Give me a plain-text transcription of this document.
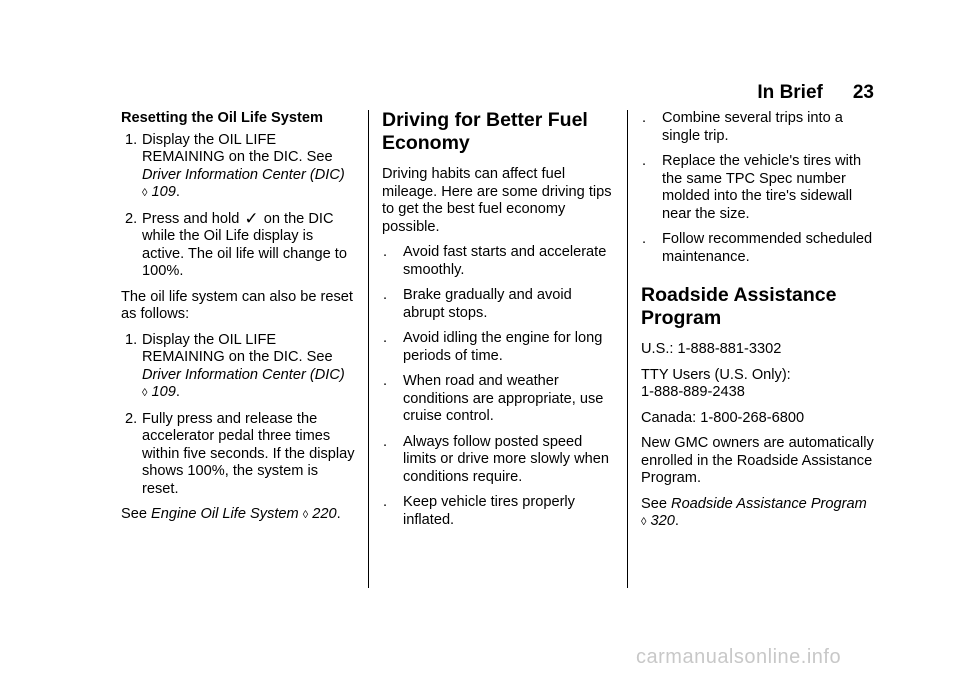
In Brief 23

Resetting the Oil Life System

1. Display the OIL LIFE REMAINING on the DIC. See Driver Information Center (DIC)
◊ 109.
2. Press and hold ✓ on the DIC while the Oil Life display is active. The oil life will change to 100%.

The oil life system can also be reset as follows:

1. Display the OIL LIFE REMAINING on the DIC. See Driver Information Center (DIC)
◊ 109.
2. Fully press and release the accelerator pedal three times within five seconds. If the display shows 100%, the system is reset.

See Engine Oil Life System ◊ 220.

Driving for Better Fuel Economy

Driving habits can affect fuel mileage. Here are some driving tips to get the best fuel economy possible.

. Avoid fast starts and accelerate smoothly.
. Brake gradually and avoid abrupt stops.
. Avoid idling the engine for long periods of time.
. When road and weather conditions are appropriate, use cruise control.
. Always follow posted speed limits or drive more slowly when conditions require.
. Keep vehicle tires properly inflated.
. Combine several trips into a single trip.
. Replace the vehicle's tires with the same TPC Spec number molded into the tire's sidewall near the size.
. Follow recommended scheduled maintenance.
Roadside Assistance Program

U.S.: 1-888-881-3302

TTY Users (U.S. Only):
1-888-889-2438

Canada: 1-800-268-6800

New GMC owners are automatically enrolled in the Roadside Assistance Program.

See Roadside Assistance Program
◊ 320.

carmanualsonline.info
